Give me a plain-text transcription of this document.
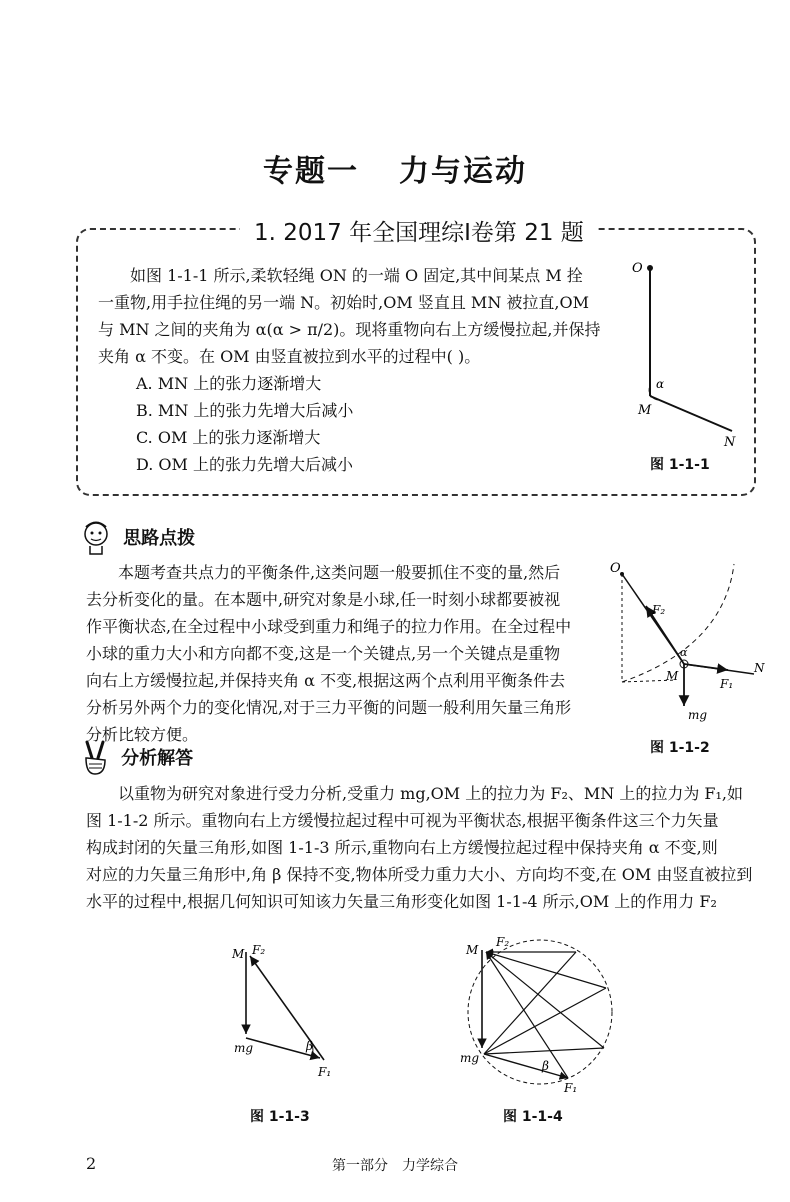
专题一 力与运动
1. 2017 年全国理综Ⅰ卷第 21 题

如图 1-1-1 所示,柔软轻绳 ON 的一端 O 固定,其中间某点 M 拴

一重物,用手拉住绳的另一端 N。初始时,OM 竖直且 MN 被拉直,OM

与 MN 之间的夹角为 α(α > π/2)。现将重物向右上方缓慢拉起,并保持

夹角 α 不变。在 OM 由竖直被拉到水平的过程中( )。

A. MN 上的张力逐渐增大
B. MN 上的张力先增大后减小
C. OM 上的张力逐渐增大
D. OM 上的张力先增大后减小
O
α
M
N
图 1-1-1
思路点拨

本题考查共点力的平衡条件,这类问题一般要抓住不变的量,然后

去分析变化的量。在本题中,研究对象是小球,任一时刻小球都要被视

作平衡状态,在全过程中小球受到重力和绳子的拉力作用。在全过程中

小球的重力大小和方向都不变,这是一个关键点,另一个关键点是重物

向右上方缓慢拉起,并保持夹角 α 不变,根据这两个点利用平衡条件去

分析另外两个力的变化情况,对于三力平衡的问题一般利用矢量三角形

分析比较方便。

O
F₂
α
M
N
F₁
mg
图 1-1-2
分析解答

以重物为研究对象进行受力分析,受重力 mg,OM 上的拉力为 F₂、MN 上的拉力为 F₁,如

图 1-1-2 所示。重物向右上方缓慢拉起过程中可视为平衡状态,根据平衡条件这三个力矢量

构成封闭的矢量三角形,如图 1-1-3 所示,重物向右上方缓慢拉起过程中保持夹角 α 不变,则

对应的力矢量三角形中,角 β 保持不变,物体所受力重力大小、方向均不变,在 OM 由竖直被拉到

水平的过程中,根据几何知识可知该力矢量三角形变化如图 1-1-4 所示,OM 上的作用力 F₂

M F₂
mg	β
F₁
图 1-1-3
M
F₂
mg
β
F₁
图 1-1-4
2	第一部分　力学综合
